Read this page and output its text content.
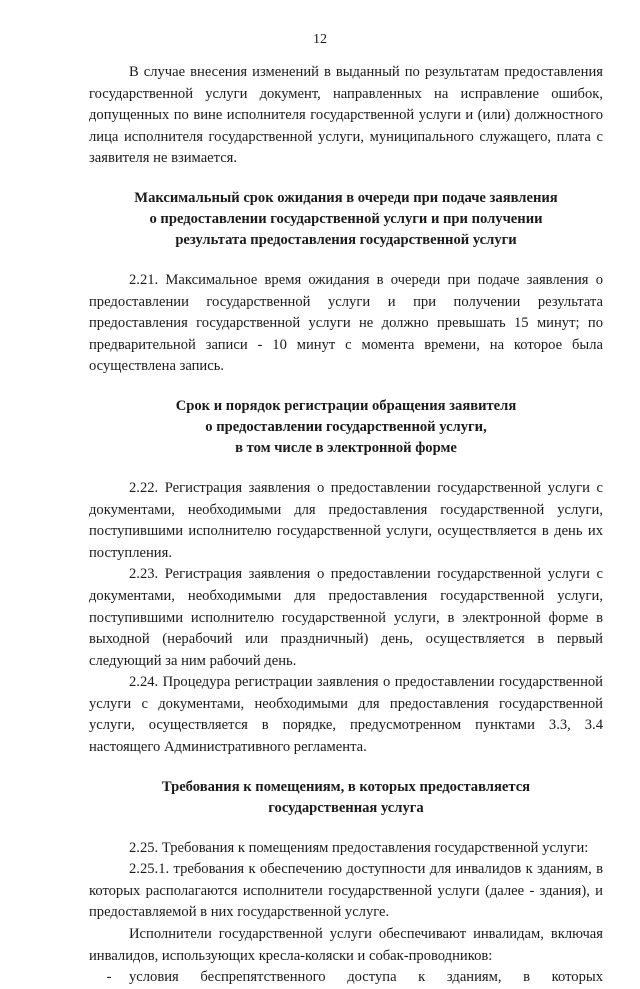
12

В случае внесения изменений в выданный по результатам предоставления государственной услуги документ, направленных на исправление ошибок, допущенных по вине исполнителя государственной услуги и (или) должностного лица исполнителя государственной услуги, муниципального служащего, плата с заявителя не взимается.

Максимальный срок ожидания в очереди при подаче заявления
о предоставлении государственной услуги и при получении
результата предоставления государственной услуги

2.21. Максимальное время ожидания в очереди при подаче заявления о предоставлении государственной услуги и при получении результата предоставления государственной услуги не должно превышать 15 минут; по предварительной записи - 10 минут с момента времени, на которое была осуществлена запись.

Срок и порядок регистрации обращения заявителя
о предоставлении государственной услуги,
в том числе в электронной форме

2.22. Регистрация заявления о предоставлении государственной услуги с документами, необходимыми для предоставления государственной услуги, поступившими исполнителю государственной услуги, осуществляется в день их поступления.

2.23. Регистрация заявления о предоставлении государственной услуги с документами, необходимыми для предоставления государственной услуги, поступившими исполнителю государственной услуги, в электронной форме в выходной (нерабочий или праздничный) день, осуществляется в первый следующий за ним рабочий день.

2.24. Процедура регистрации заявления о предоставлении государственной услуги с документами, необходимыми для предоставления государственной услуги, осуществляется в порядке, предусмотренном пунктами 3.3, 3.4 настоящего Административного регламента.

Требования к помещениям, в которых предоставляется
государственная услуга

2.25. Требования к помещениям предоставления государственной услуги:

2.25.1. требования к обеспечению доступности для инвалидов к зданиям, в которых располагаются исполнители государственной услуги (далее - здания), и предоставляемой в них государственной услуге.

Исполнители государственной услуги обеспечивают инвалидам, включая инвалидов, использующих кресла-коляски и собак-проводников:

-	условия беспрепятственного доступа к зданиям, в которых
